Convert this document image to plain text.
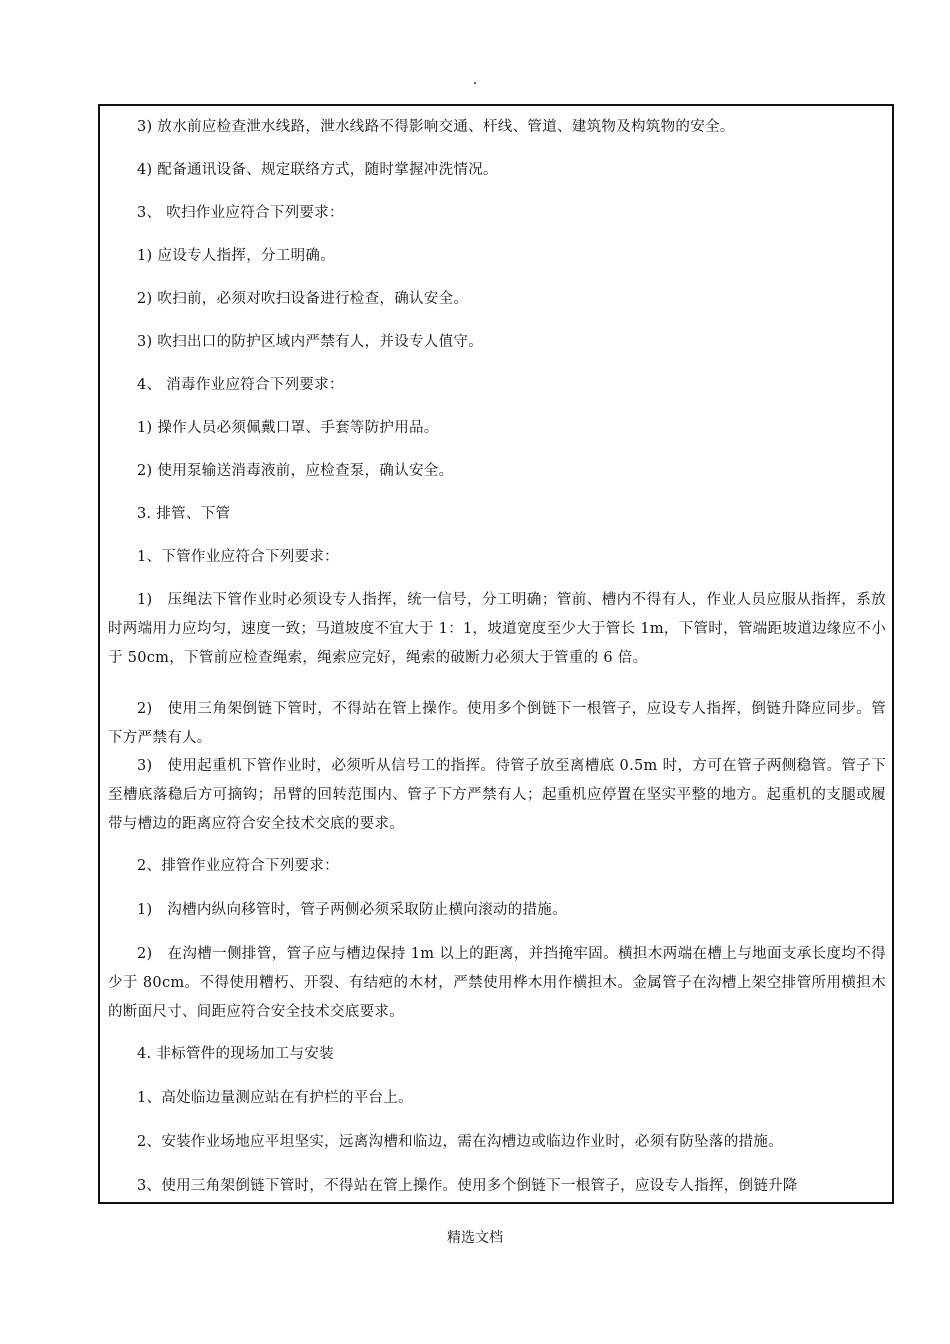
.

3) 放水前应检查泄水线路，泄水线路不得影响交通、杆线、管道、建筑物及构筑物的安全。

4) 配备通讯设备、规定联络方式，随时掌握冲洗情况。

3、 吹扫作业应符合下列要求：

1) 应设专人指挥，分工明确。

2) 吹扫前，必须对吹扫设备进行检查，确认安全。

3) 吹扫出口的防护区域内严禁有人，并设专人值守。

4、 消毒作业应符合下列要求：

1) 操作人员必须佩戴口罩、手套等防护用品。

2) 使用泵输送消毒液前，应检查泵，确认安全。

3. 排管、下管

1、下管作业应符合下列要求：

1)　压绳法下管作业时必须设专人指挥，统一信号，分工明确；管前、槽内不得有人，作业人员应服从指挥，系放时两端用力应均匀，速度一致；马道坡度不宜大于 1：1，坡道宽度至少大于管长 1m，下管时，管端距坡道边缘应不小于 50cm，下管前应检查绳索，绳索应完好，绳索的破断力必须大于管重的 6 倍。

2)　使用三角架倒链下管时，不得站在管上操作。使用多个倒链下一根管子，应设专人指挥，倒链升降应同步。管下方严禁有人。

3)　使用起重机下管作业时，必须听从信号工的指挥。待管子放至离槽底 0.5m 时，方可在管子两侧稳管。管子下至槽底落稳后方可摘钩；吊臂的回转范围内、管子下方严禁有人；起重机应停置在坚实平整的地方。起重机的支腿或履带与槽边的距离应符合安全技术交底的要求。

2、排管作业应符合下列要求：

1)　沟槽内纵向移管时，管子两侧必须采取防止横向滚动的措施。

2)　在沟槽一侧排管，管子应与槽边保持 1m 以上的距离，并挡掩牢固。横担木两端在槽上与地面支承长度均不得少于 80cm。不得使用糟朽、开裂、有结疤的木材，严禁使用桦木用作横担木。金属管子在沟槽上架空排管所用横担木的断面尺寸、间距应符合安全技术交底要求。

4. 非标管件的现场加工与安装

1、高处临边量测应站在有护栏的平台上。

2、安装作业场地应平坦坚实，远离沟槽和临边，需在沟槽边或临边作业时，必须有防坠落的措施。

3、使用三角架倒链下管时，不得站在管上操作。使用多个倒链下一根管子，应设专人指挥，倒链升降

精选文档
